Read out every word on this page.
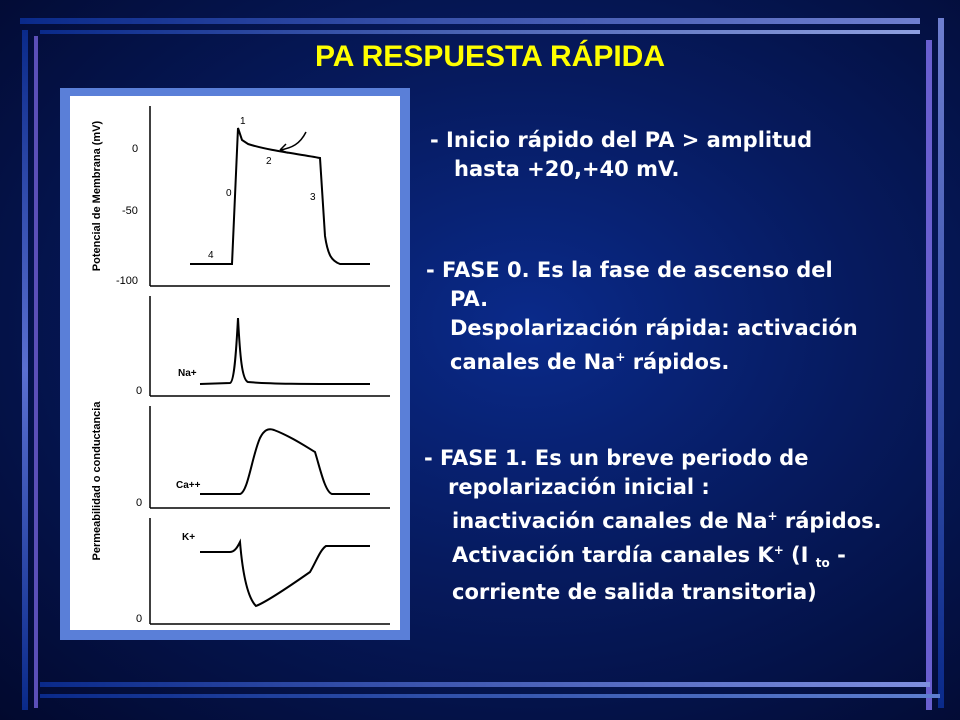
PA RESPUESTA RÁPIDA
Potencial de Membrana (mV)
Permeabilidad o conductancia
0
-50
-100
1
2
0	3
4
Na+
0
Ca++
0
K+
0
- Inicio rápido del PA > amplitud
hasta +20,+40 mV.
- FASE 0. Es la fase de ascenso del
PA.
Despolarización rápida: activación
canales de Na+ rápidos.
- FASE 1. Es un breve periodo de
repolarización inicial :
inactivación canales de Na+ rápidos.
Activación tardía canales K+ (I $_{to}$ -
corriente de salida transitoria)
